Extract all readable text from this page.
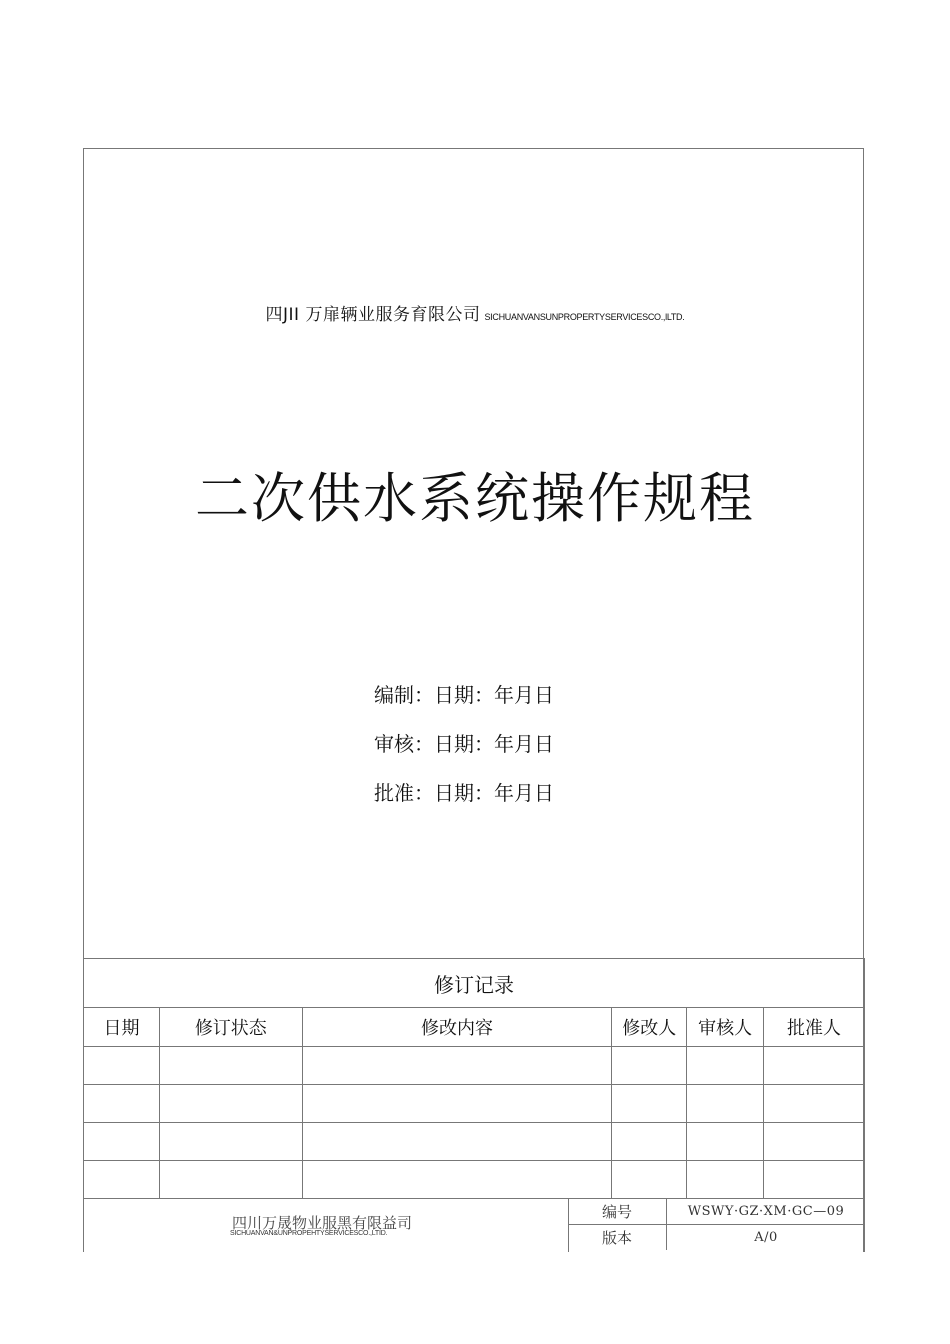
四JII 万扉辆业服务育限公司 SICHUANVANSUNPROPERTYSERVICESCO.,lLTD.
二次供水系统操作规程
编制：日期：年月日
审核：日期：年月日
批准：日期：年月日
修订记录					
日期	修订状态	修改内容	修改人	审核人	批准人

四川万晟物业服黑有限益司
SICHUANVAN&UNPROPEHTYSERVICESCO.,LTID.
编号	WSWY·GZ·XM·GC—09
版本	A/0
